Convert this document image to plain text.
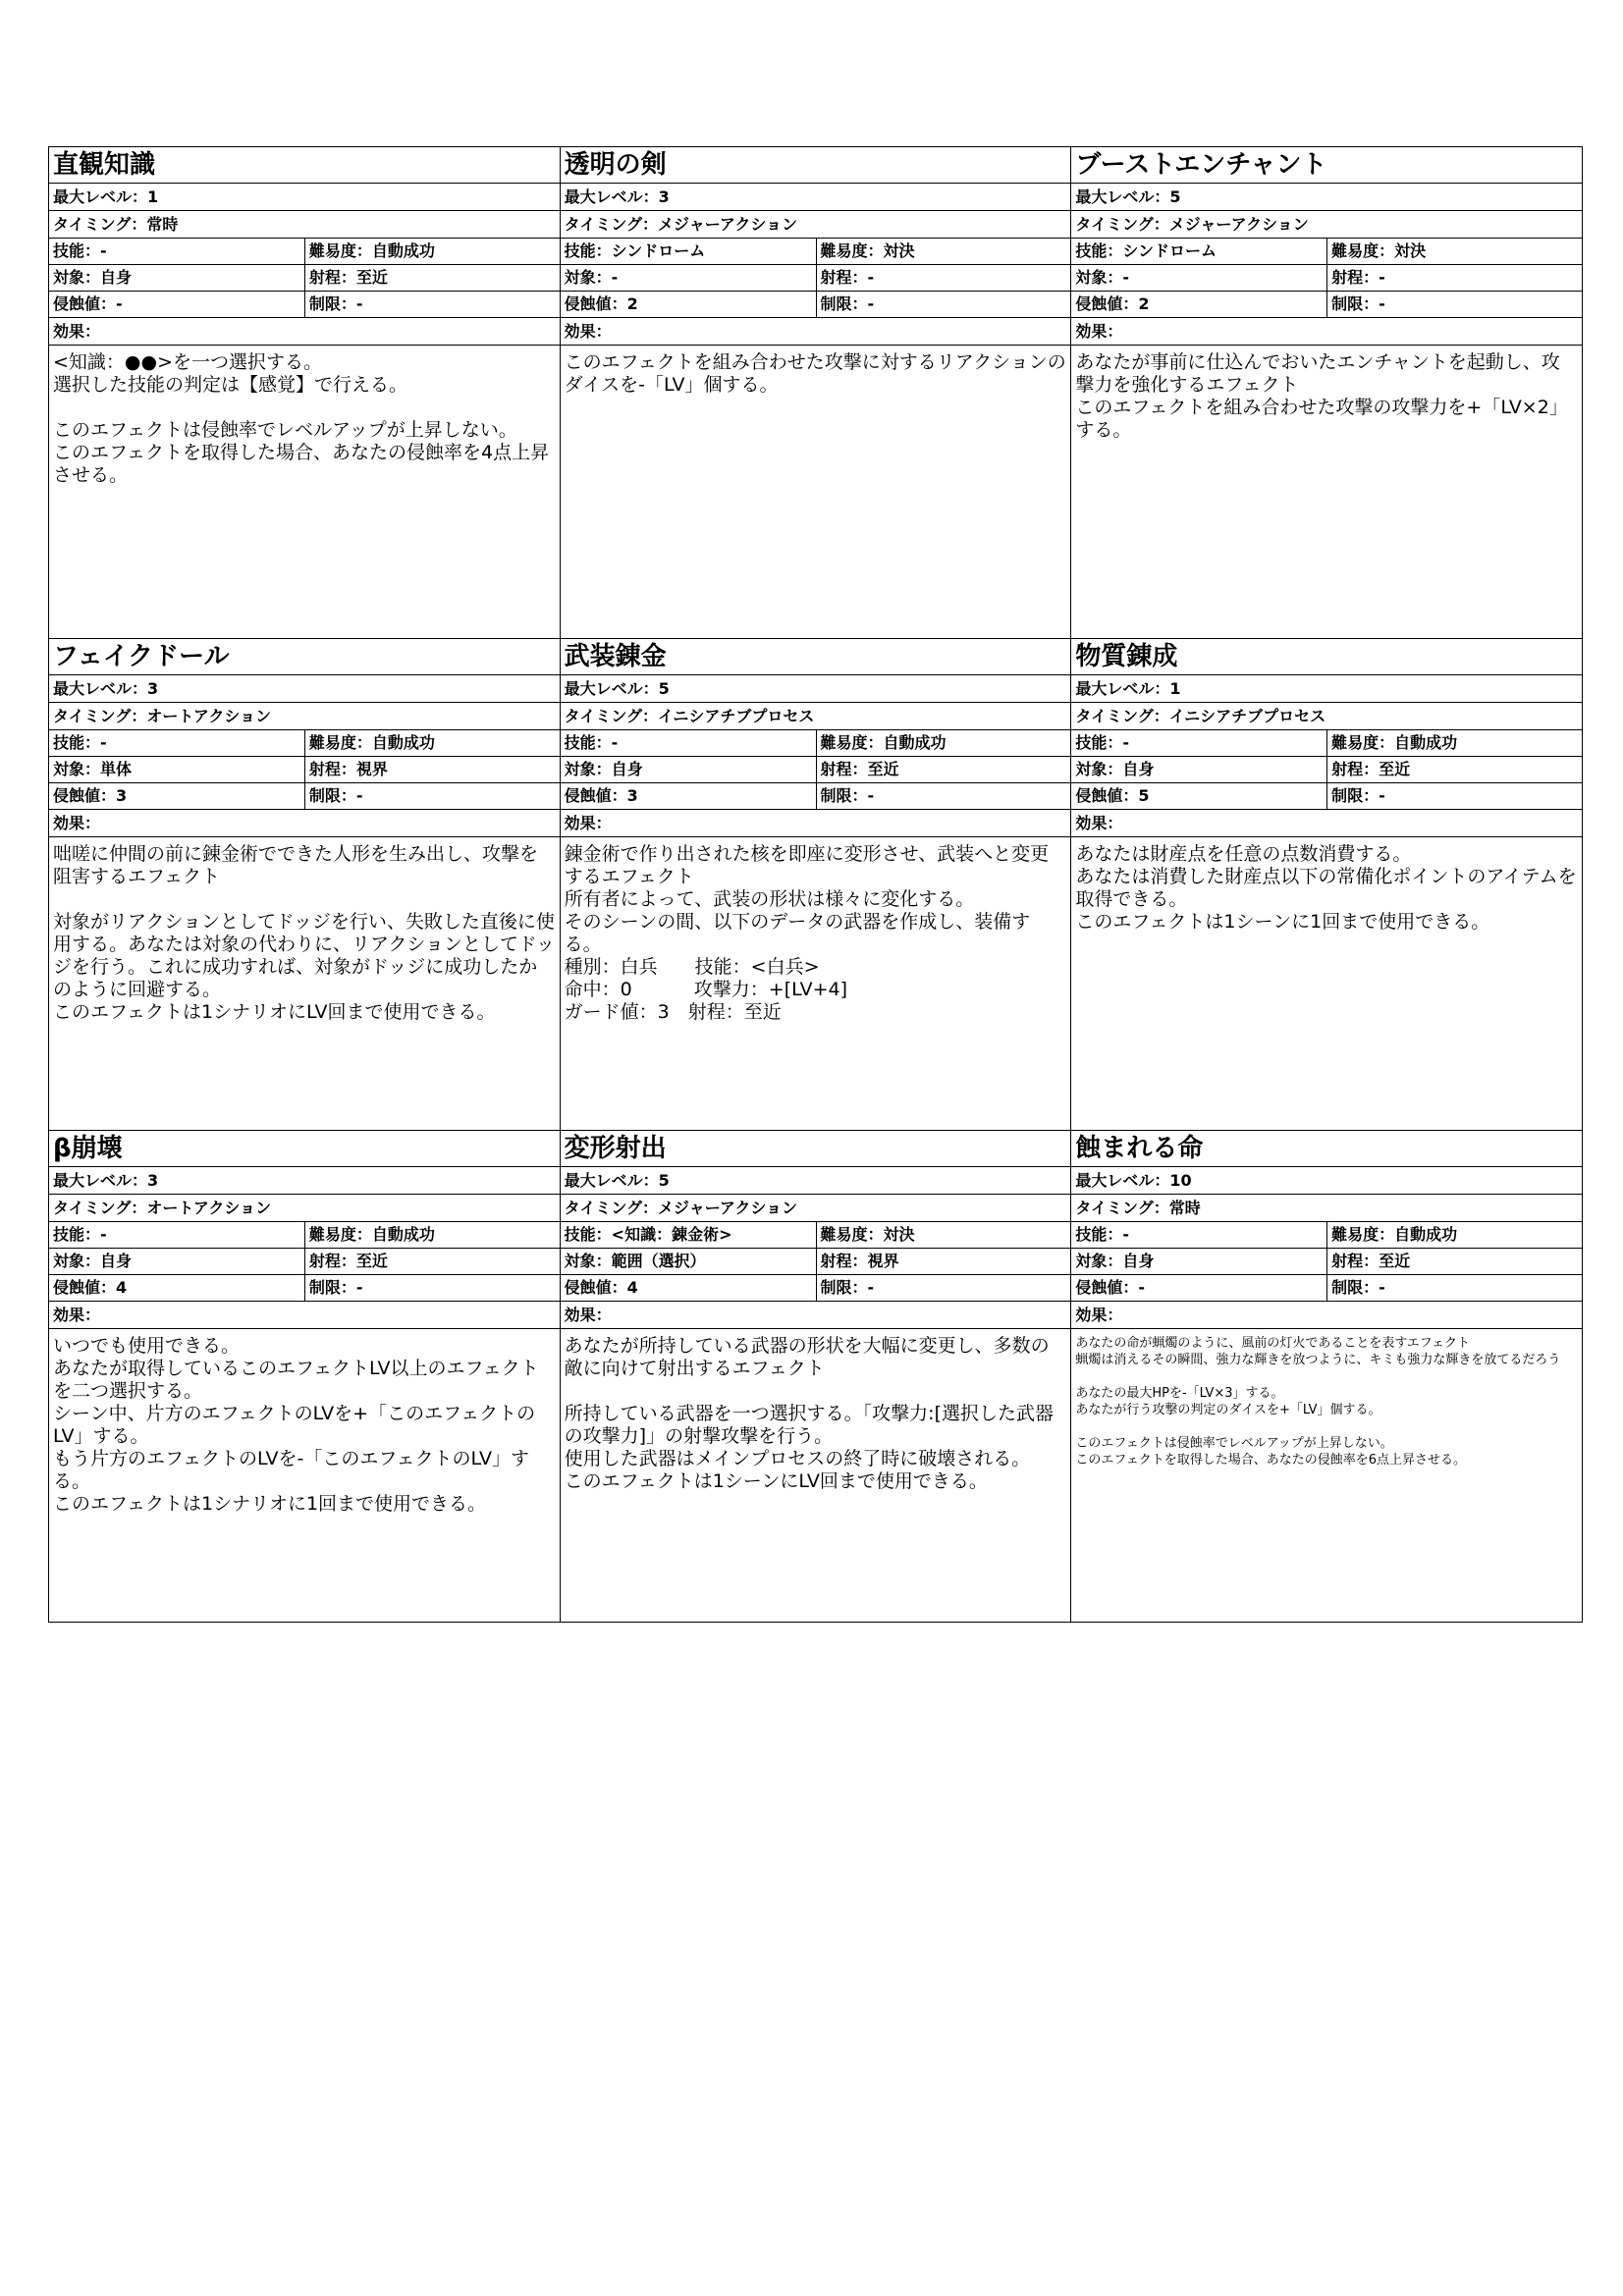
直観知識
最大レベル：1
タイミング：常時
技能：-	難易度：自動成功
対象：自身	射程：至近
侵蝕値：-	制限：-
効果：
<知識：●●>を一つ選択する。
選択した技能の判定は【感覚】で行える。

このエフェクトは侵蝕率でレベルアップが上昇しない。
このエフェクトを取得した場合、あなたの侵蝕率を4点上昇させる。
透明の剣
最大レベル：3
タイミング：メジャーアクション
技能：シンドローム	難易度：対決
対象：-	射程：-
侵蝕値：2	制限：-
効果：
このエフェクトを組み合わせた攻撃に対するリアクションのダイスを-「LV」個する。
ブーストエンチャント
最大レベル：5
タイミング：メジャーアクション
技能：シンドローム	難易度：対決
対象：-	射程：-
侵蝕値：2	制限：-
効果：
あなたが事前に仕込んでおいたエンチャントを起動し、攻撃力を強化するエフェクト
このエフェクトを組み合わせた攻撃の攻撃力を+「LV×2」する。
フェイクドール
最大レベル：3
タイミング：オートアクション
技能：-	難易度：自動成功
対象：単体	射程：視界
侵蝕値：3	制限：-
効果：
咄嗟に仲間の前に錬金術でできた人形を生み出し、攻撃を阻害するエフェクト

対象がリアクションとしてドッジを行い、失敗した直後に使用する。あなたは対象の代わりに、リアクションとしてドッジを行う。これに成功すれば、対象がドッジに成功したかのように回避する。
このエフェクトは1シナリオにLV回まで使用できる。
武装錬金
最大レベル：5
タイミング：イニシアチブプロセス
技能：-	難易度：自動成功
対象：自身	射程：至近
侵蝕値：3	制限：-
効果：
錬金術で作り出された核を即座に変形させ、武装へと変更するエフェクト
所有者によって、武装の形状は様々に変化する。
そのシーンの間、以下のデータの武器を作成し、装備する。
種別：白兵　　技能：<白兵>
命中：0　　　 攻撃力：+[LV+4]
ガード値：3　射程：至近
物質錬成
最大レベル：1
タイミング：イニシアチブプロセス
技能：-	難易度：自動成功
対象：自身	射程：至近
侵蝕値：5	制限：-
効果：
あなたは財産点を任意の点数消費する。
あなたは消費した財産点以下の常備化ポイントのアイテムを取得できる。
このエフェクトは1シーンに1回まで使用できる。
β崩壊
最大レベル：3
タイミング：オートアクション
技能：-	難易度：自動成功
対象：自身	射程：至近
侵蝕値：4	制限：-
効果：
いつでも使用できる。
あなたが取得しているこのエフェクトLV以上のエフェクトを二つ選択する。
シーン中、片方のエフェクトのLVを+「このエフェクトのLV」する。
もう片方のエフェクトのLVを-「このエフェクトのLV」する。
このエフェクトは1シナリオに1回まで使用できる。
変形射出
最大レベル：5
タイミング：メジャーアクション
技能：<知識：錬金術>	難易度：対決
対象：範囲（選択）	射程：視界
侵蝕値：4	制限：-
効果：
あなたが所持している武器の形状を大幅に変更し、多数の敵に向けて射出するエフェクト

所持している武器を一つ選択する。「攻撃力:[選択した武器の攻撃力]」の射撃攻撃を行う。
使用した武器はメインプロセスの終了時に破壊される。
このエフェクトは1シーンにLV回まで使用できる。
蝕まれる命
最大レベル：10
タイミング：常時
技能：-	難易度：自動成功
対象：自身	射程：至近
侵蝕値：-	制限：-
効果：
あなたの命が蝋燭のように、風前の灯火であることを表すエフェクト
蝋燭は消えるその瞬間、強力な輝きを放つように、キミも強力な輝きを放てるだろう

あなたの最大HPを-「LV×3」する。
あなたが行う攻撃の判定のダイスを+「LV」個する。

このエフェクトは侵蝕率でレベルアップが上昇しない。
このエフェクトを取得した場合、あなたの侵蝕率を6点上昇させる。
